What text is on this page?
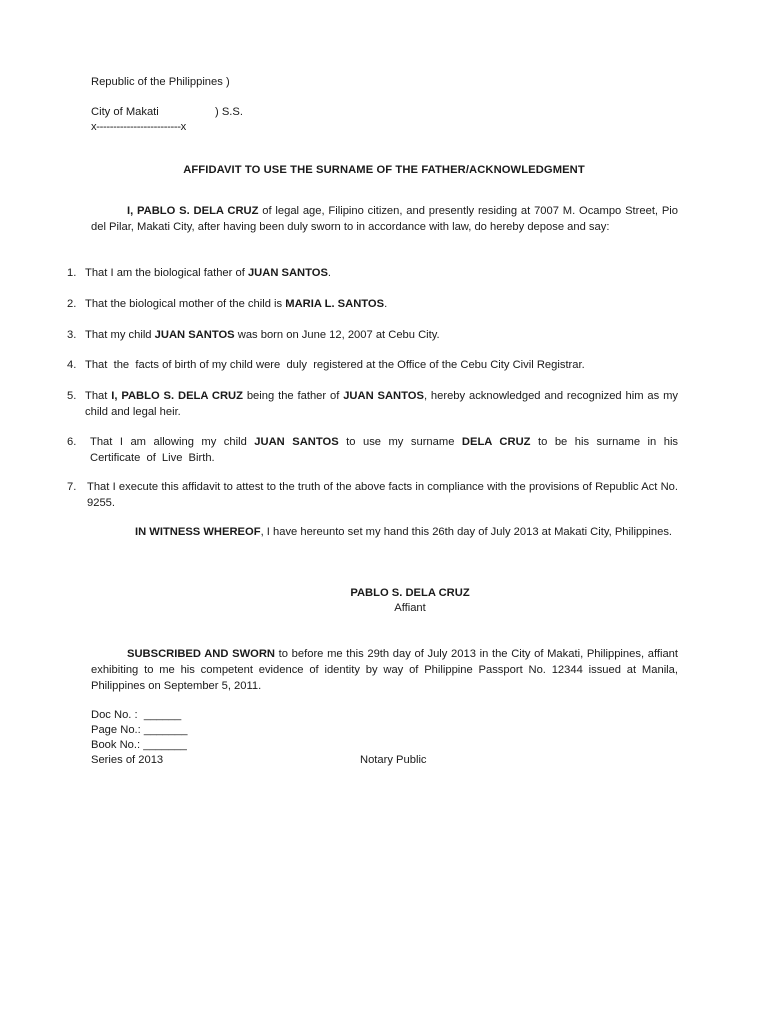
Republic of the Philippines )
City of Makati	) S.S.
x-------------------------x
AFFIDAVIT TO USE THE SURNAME OF THE FATHER/ACKNOWLEDGMENT
I, PABLO S. DELA CRUZ of legal age, Filipino citizen, and presently residing at 7007 M. Ocampo Street, Pio del Pilar, Makati City, after having been duly sworn to in accordance with law, do hereby depose and say:
1. That I am the biological father of JUAN SANTOS.
2. That the biological mother of the child is MARIA L. SANTOS.
3. That my child JUAN SANTOS was born on June 12, 2007 at Cebu City.
4. That  the  facts of birth of my child were  duly  registered at the Office of the Cebu City Civil Registrar.
5. That I, PABLO S. DELA CRUZ being the father of JUAN SANTOS, hereby acknowledged and recognized him as my child and legal heir.
6. That I am allowing my child JUAN SANTOS to use my surname DELA CRUZ to be his surname in his Certificate of Live Birth.
7. That I execute this affidavit to attest to the truth of the above facts in compliance with the provisions of Republic Act No. 9255.
IN WITNESS WHEREOF, I have hereunto set my hand this 26th day of July 2013 at Makati City, Philippines.
PABLO S. DELA CRUZ
Affiant
SUBSCRIBED AND SWORN to before me this 29th day of July 2013 in the City of Makati, Philippines, affiant exhibiting to me his competent evidence of identity by way of Philippine Passport No. 12344 issued at Manila, Philippines on September 5, 2011.
Doc No. :  ______
Page No.: _______
Book No.: _______
Series of 2013	Notary Public
